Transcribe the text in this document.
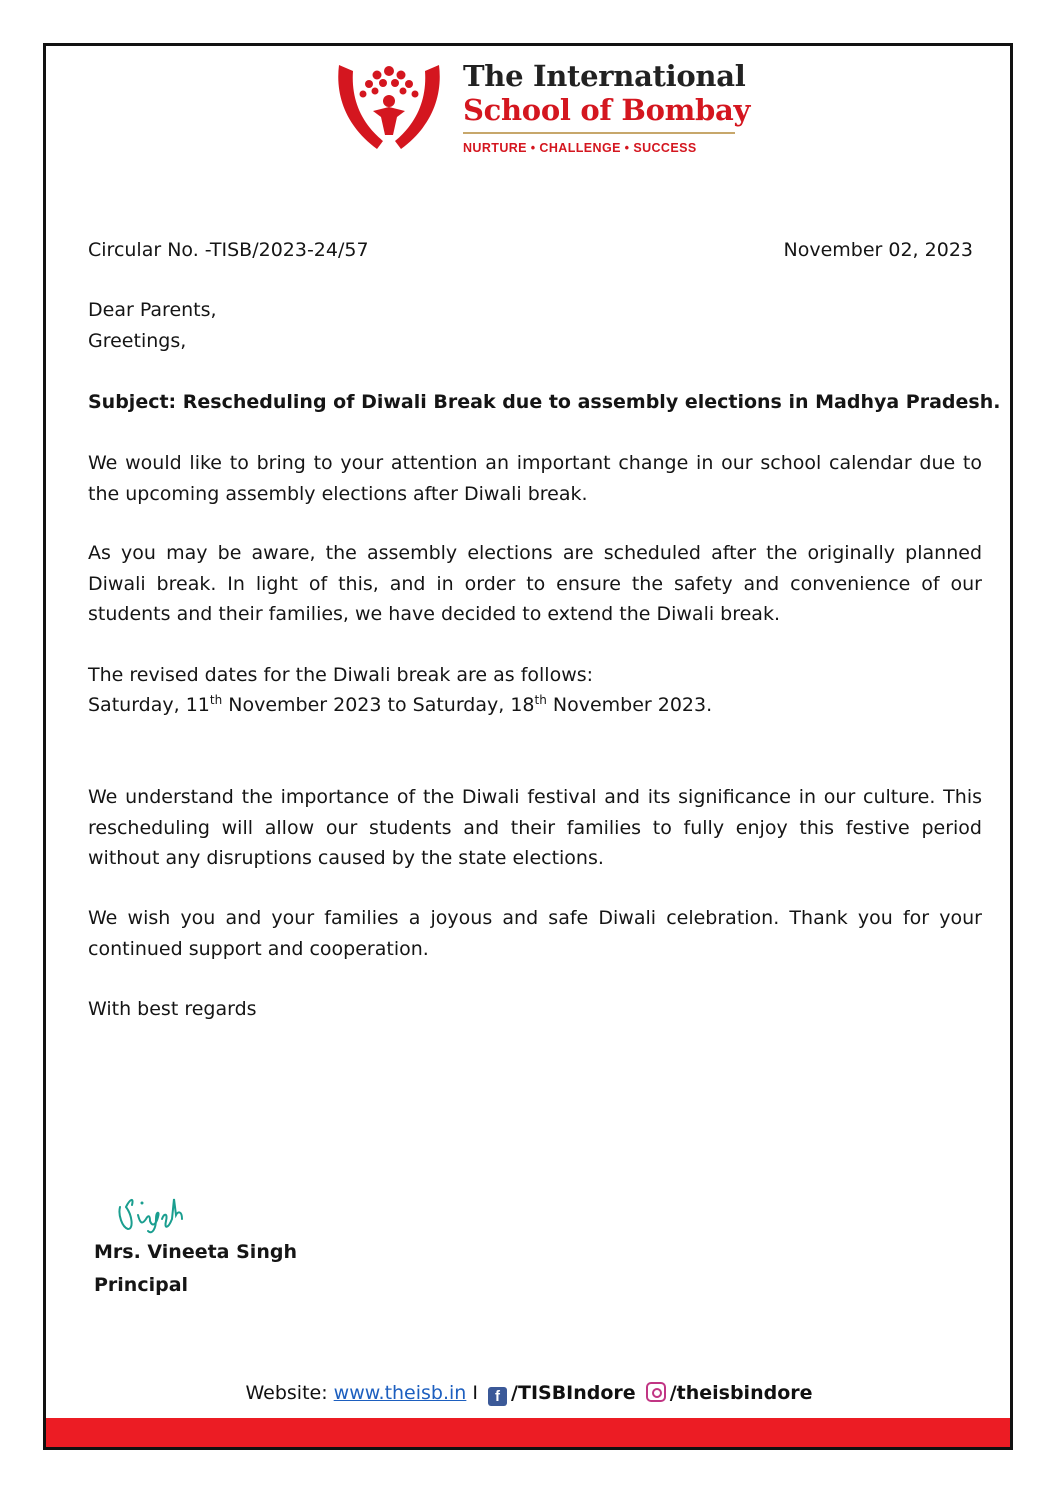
The International
School of Bombay
NURTURE • CHALLENGE • SUCCESS
Circular No. -TISB/2023-24/57	November 02, 2023
Dear Parents,
Greetings,
Subject: Rescheduling of Diwali Break due to assembly elections in Madhya Pradesh.
We would like to bring to your attention an important change in our school calendar due to the upcoming assembly elections after Diwali break.
As you may be aware, the assembly elections are scheduled after the originally planned Diwali break. In light of this, and in order to ensure the safety and convenience of our students and their families, we have decided to extend the Diwali break.
The revised dates for the Diwali break are as follows:
Saturday, 11th November 2023 to Saturday, 18th November 2023.
We understand the importance of the Diwali festival and its significance in our culture. This rescheduling will allow our students and their families to fully enjoy this festive period without any disruptions caused by the state elections.
We wish you and your families a joyous and safe Diwali celebration. Thank you for your continued support and cooperation.
With best regards
Mrs. Vineeta Singh
Principal
Website: www.theisb.in I f /TISBIndore /theisbindore
